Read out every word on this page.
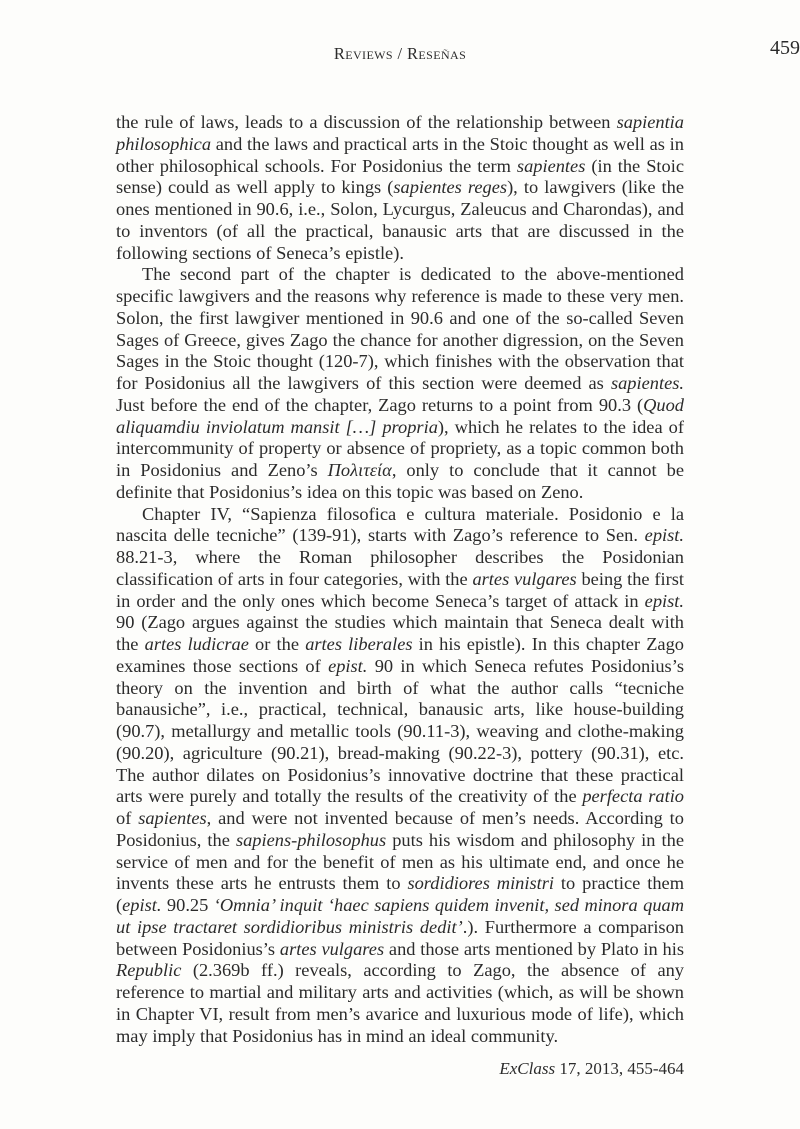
Reviews / Reseñas	459

the rule of laws, leads to a discussion of the relationship between sapientia philosophica and the laws and practical arts in the Stoic thought as well as in other philosophical schools. For Posidonius the term sapientes (in the Stoic sense) could as well apply to kings (sapientes reges), to lawgivers (like the ones mentioned in 90.6, i.e., Solon, Lycurgus, Zaleucus and Charondas), and to inventors (of all the practical, banausic arts that are discussed in the following sections of Seneca’s epistle).

The second part of the chapter is dedicated to the above-mentioned specific lawgivers and the reasons why reference is made to these very men. Solon, the first lawgiver mentioned in 90.6 and one of the so-called Seven Sages of Greece, gives Zago the chance for another digression, on the Seven Sages in the Stoic thought (120-7), which finishes with the observation that for Posidonius all the lawgivers of this section were deemed as sapientes. Just before the end of the chapter, Zago returns to a point from 90.3 (Quod aliquamdiu inviolatum mansit […] propria), which he relates to the idea of intercommunity of property or absence of propriety, as a topic common both in Posidonius and Zeno’s Πολιτεία, only to conclude that it cannot be definite that Posidonius’s idea on this topic was based on Zeno.

Chapter IV, “Sapienza filosofica e cultura materiale. Posidonio e la nascita delle tecniche” (139-91), starts with Zago’s reference to Sen. epist. 88.21-3, where the Roman philosopher describes the Posidonian classification of arts in four categories, with the artes vulgares being the first in order and the only ones which become Seneca’s target of attack in epist. 90 (Zago argues against the studies which maintain that Seneca dealt with the artes ludicrae or the artes liberales in his epistle). In this chapter Zago examines those sections of epist. 90 in which Seneca refutes Posidonius’s theory on the invention and birth of what the author calls “tecniche banausiche”, i.e., practical, technical, banausic arts, like house-building (90.7), metallurgy and metallic tools (90.11-3), weaving and clothe-making (90.20), agriculture (90.21), bread-making (90.22-3), pottery (90.31), etc. The author dilates on Posidonius’s innovative doctrine that these practical arts were purely and totally the results of the creativity of the perfecta ratio of sapientes, and were not invented because of men’s needs. According to Posidonius, the sapiens-philosophus puts his wisdom and philosophy in the service of men and for the benefit of men as his ultimate end, and once he invents these arts he entrusts them to sordidiores ministri to practice them (epist. 90.25 ‘Omnia’ inquit ‘haec sapiens quidem invenit, sed minora quam ut ipse tractaret sordidioribus ministris dedit’.). Furthermore a comparison between Posidonius’s artes vulgares and those arts mentioned by Plato in his Republic (2.369b ff.) reveals, according to Zago, the absence of any reference to martial and military arts and activities (which, as will be shown in Chapter VI, result from men’s avarice and luxurious mode of life), which may imply that Posidonius has in mind an ideal community.

ExClass 17, 2013, 455-464
